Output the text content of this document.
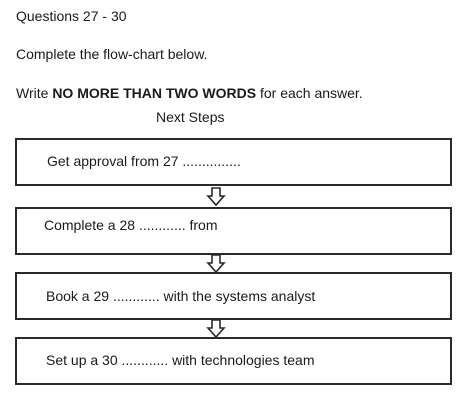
Questions 27 - 30
Complete the flow-chart below.
Write NO MORE THAN TWO WORDS for each answer.
Next Steps
Get approval from 27 ...............
Complete a 28 ............ from
Book a 29 ............ with the systems analyst
Set up a 30 ............ with technologies team
